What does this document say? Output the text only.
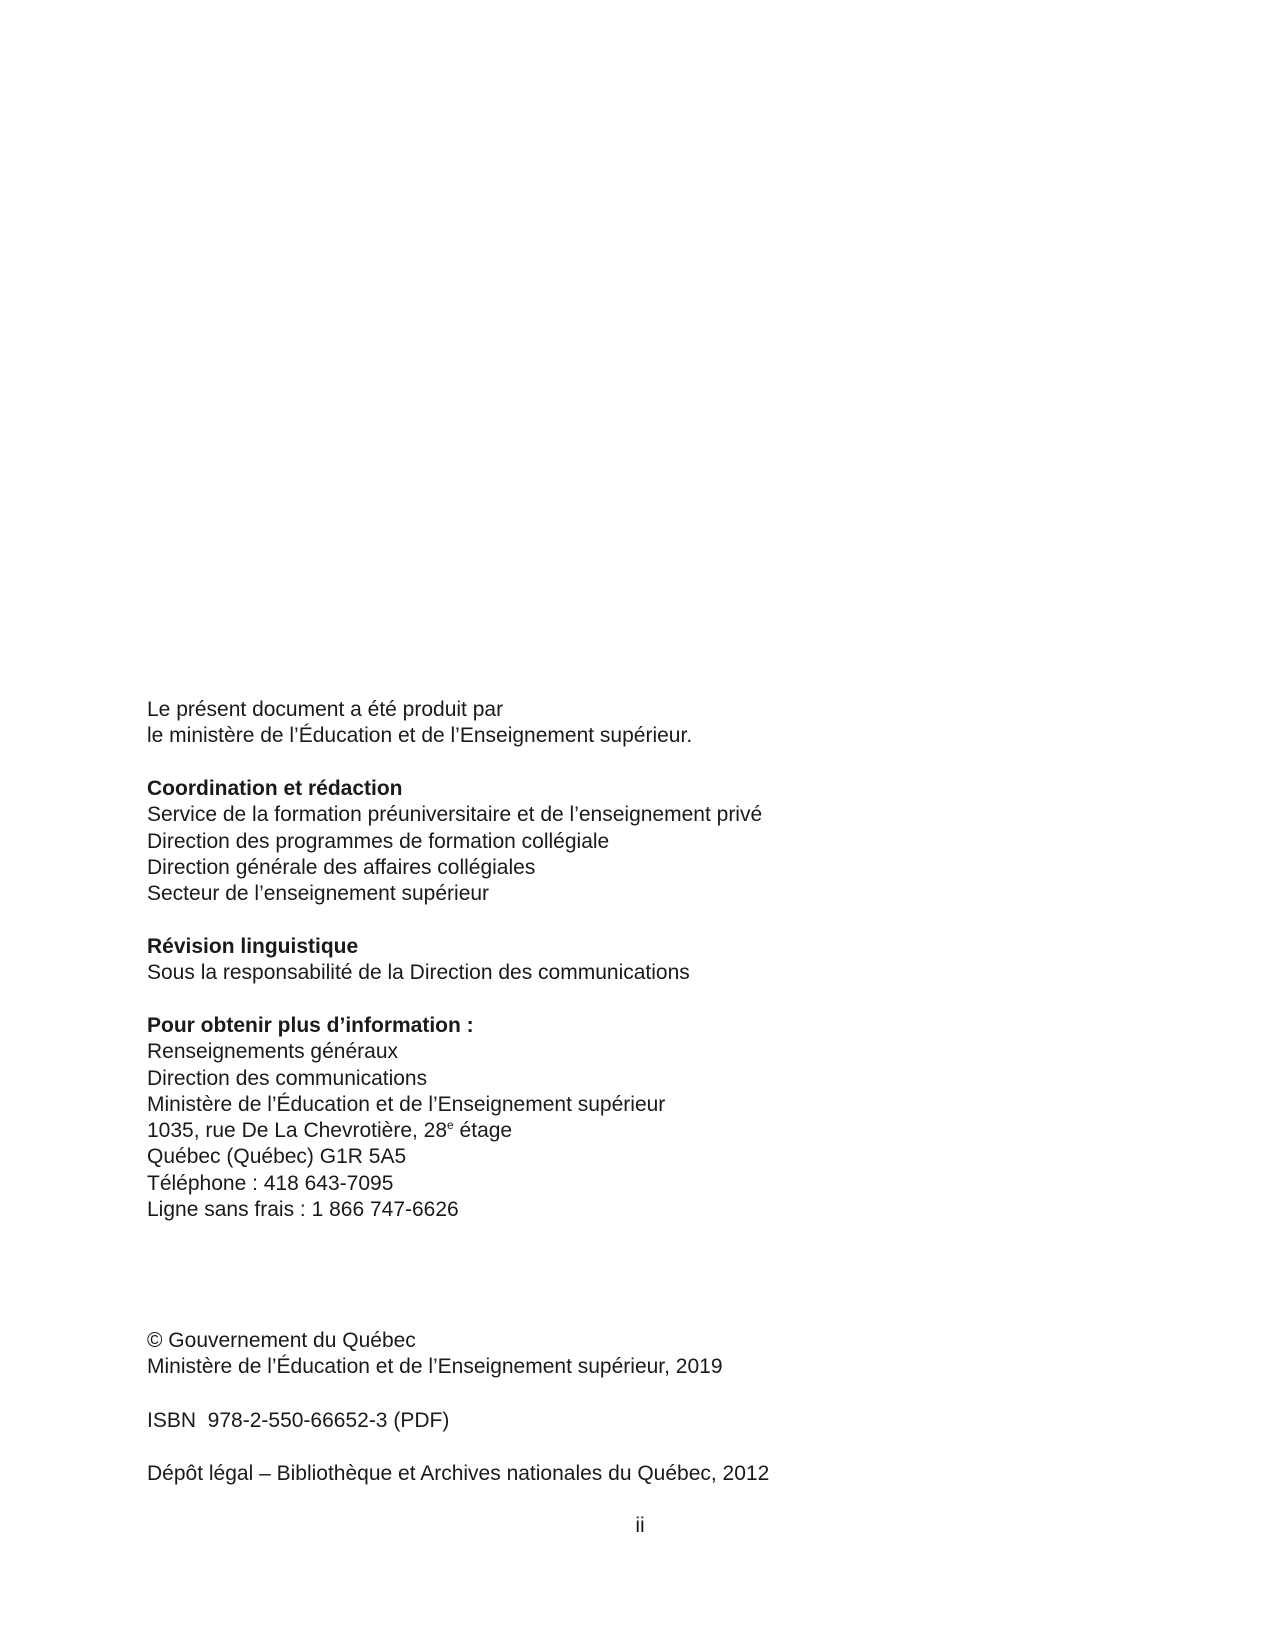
Le présent document a été produit par
le ministère de l’Éducation et de l’Enseignement supérieur.
Coordination et rédaction
Service de la formation préuniversitaire et de l’enseignement privé
Direction des programmes de formation collégiale
Direction générale des affaires collégiales
Secteur de l’enseignement supérieur
Révision linguistique
Sous la responsabilité de la Direction des communications
Pour obtenir plus d’information :
Renseignements généraux
Direction des communications
Ministère de l’Éducation et de l’Enseignement supérieur
1035, rue De La Chevrotière, 28e étage
Québec (Québec) G1R 5A5
Téléphone : 418 643-7095
Ligne sans frais : 1 866 747-6626
© Gouvernement du Québec
Ministère de l’Éducation et de l’Enseignement supérieur, 2019
ISBN  978-2-550-66652-3 (PDF)
Dépôt légal – Bibliothèque et Archives nationales du Québec, 2012
ii
